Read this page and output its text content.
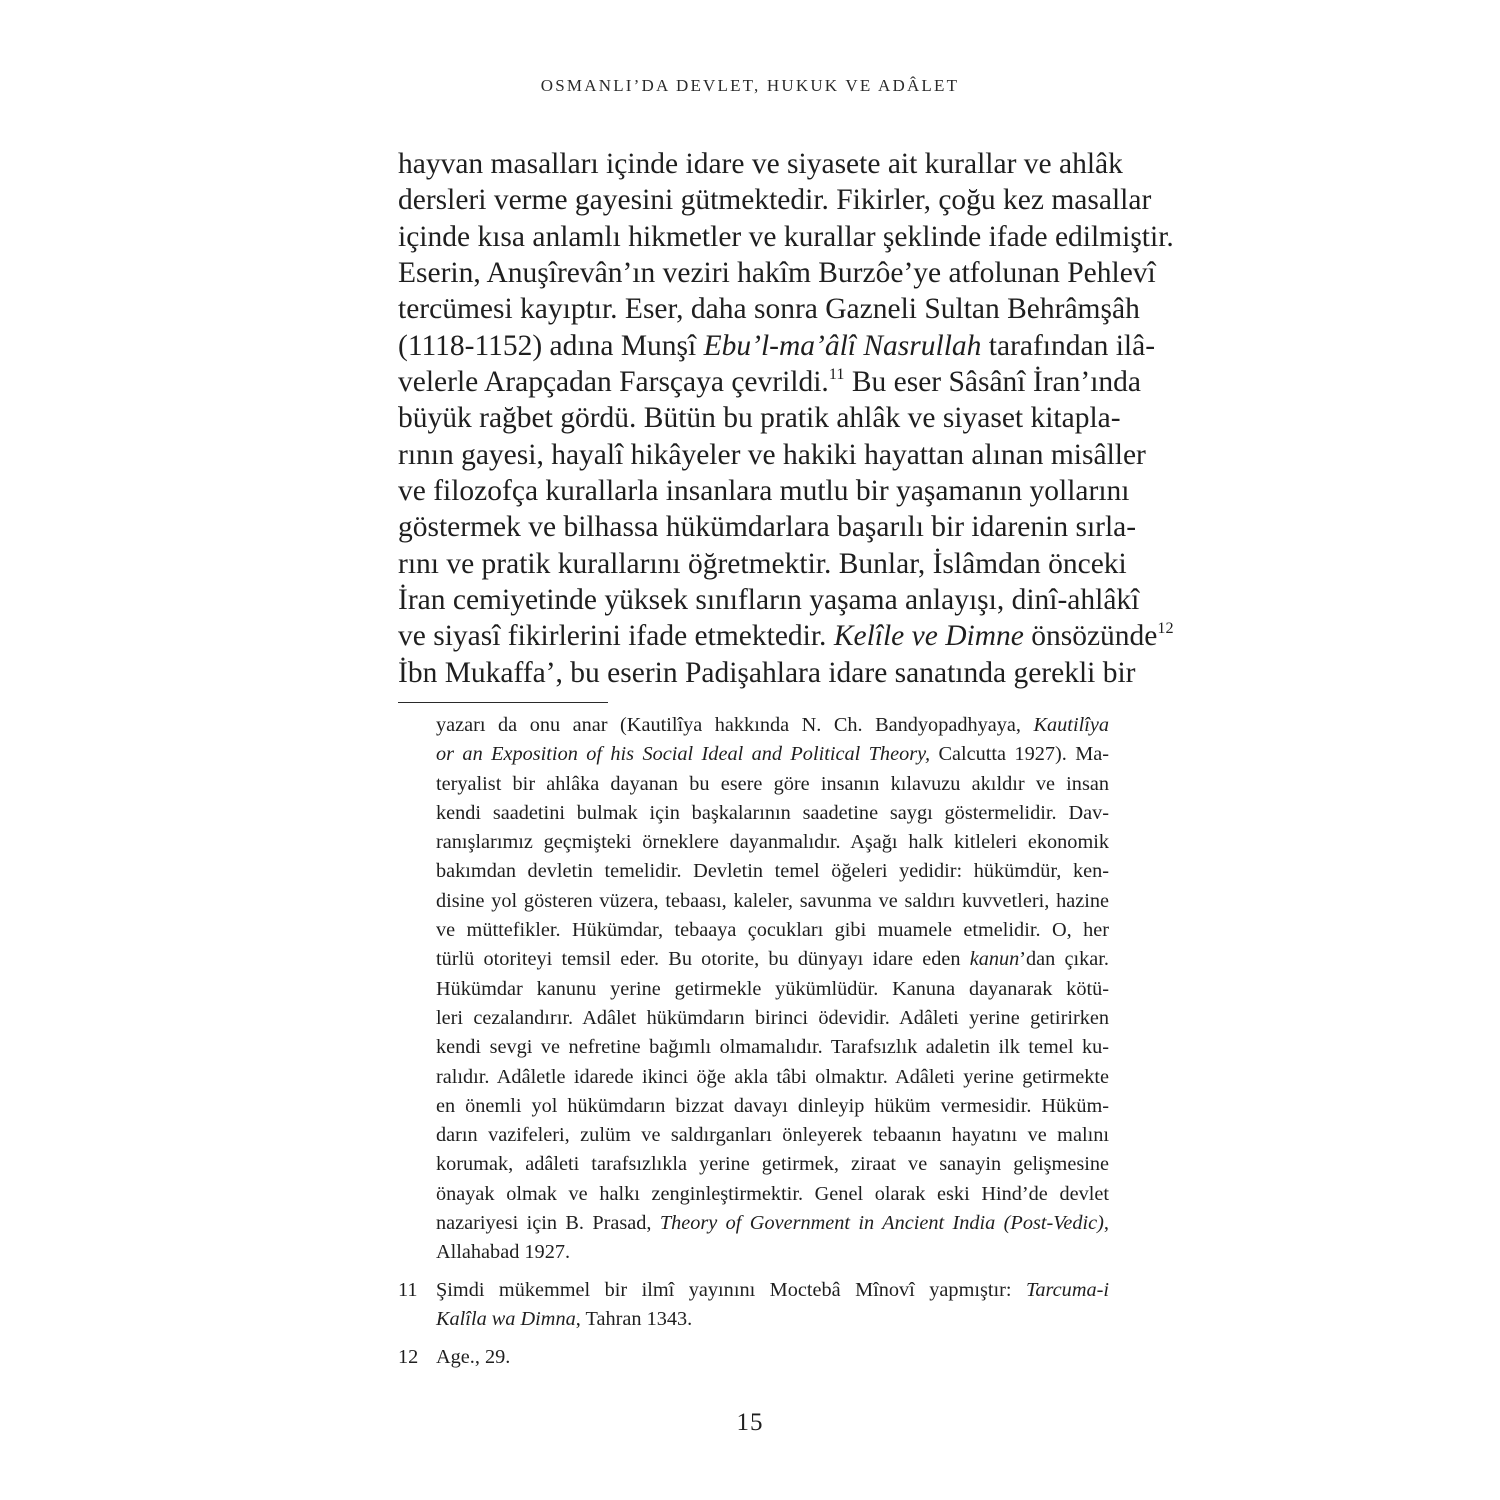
OSMANLI’DA DEVLET, HUKUK VE ADÂLET
hayvan masalları içinde idare ve siyasete ait kurallar ve ahlâk
dersleri verme gayesini gütmektedir. Fikirler, çoğu kez masallar
içinde kısa anlamlı hikmetler ve kurallar şeklinde ifade edilmiştir.
Eserin, Anuşîrevân’ın veziri hakîm Burzôe’ye atfolunan Pehlevî
tercümesi kayıptır. Eser, daha sonra Gazneli Sultan Behrâmşâh
(1118-1152) adına Munşî Ebu’l-ma’âlî Nasrullah tarafından ilâ-
velerle Arapçadan Farsçaya çevrildi.$^{11}$ Bu eser Sâsânî İran’ında
büyük rağbet gördü. Bütün bu pratik ahlâk ve siyaset kitapla-
rının gayesi, hayalî hikâyeler ve hakiki hayattan alınan misâller
ve filozofça kurallarla insanlara mutlu bir yaşamanın yollarını
göstermek ve bilhassa hükümdarlara başarılı bir idarenin sırla-
rını ve pratik kurallarını öğretmektir. Bunlar, İslâmdan önceki
İran cemiyetinde yüksek sınıfların yaşama anlayışı, dinî-ahlâkî
ve siyasî fikirlerini ifade etmektedir. Kelîle ve Dimne önsözünde$^{12}$
İbn Mukaffa’, bu eserin Padişahlara idare sanatında gerekli bir
yazarı da onu anar (Kautilîya hakkında N. Ch. Bandyopadhyaya, Kautilîya
or an Exposition of his Social Ideal and Political Theory, Calcutta 1927). Ma-
teryalist bir ahlâka dayanan bu esere göre insanın kılavuzu akıldır ve insan
kendi saadetini bulmak için başkalarının saadetine saygı göstermelidir. Dav-
ranışlarımız geçmişteki örneklere dayanmalıdır. Aşağı halk kitleleri ekonomik
bakımdan devletin temelidir. Devletin temel öğeleri yedidir: hükümdür, ken-
disine yol gösteren vüzera, tebaası, kaleler, savunma ve saldırı kuvvetleri, hazine
ve müttefikler. Hükümdar, tebaaya çocukları gibi muamele etmelidir. O, her
türlü otoriteyi temsil eder. Bu otorite, bu dünyayı idare eden kanun’dan çıkar.
Hükümdar kanunu yerine getirmekle yükümlüdür. Kanuna dayanarak kötü-
leri cezalandırır. Adâlet hükümdarın birinci ödevidir. Adâleti yerine getirirken
kendi sevgi ve nefretine bağımlı olmamalıdır. Tarafsızlık adaletin ilk temel ku-
ralıdır. Adâletle idarede ikinci öğe akla tâbi olmaktır. Adâleti yerine getirmekte
en önemli yol hükümdarın bizzat davayı dinleyip hüküm vermesidir. Hüküm-
darın vazifeleri, zulüm ve saldırganları önleyerek tebaanın hayatını ve malını
korumak, adâleti tarafsızlıkla yerine getirmek, ziraat ve sanayin gelişmesine
önayak olmak ve halkı zenginleştirmektir. Genel olarak eski Hind’de devlet
nazariyesi için B. Prasad, Theory of Government in Ancient India (Post-Vedic),
Allahabad 1927.
11 Şimdi mükemmel bir ilmî yayınını Moctebâ Mînovî yapmıştır: Tarcuma-i
Kalîla wa Dimna, Tahran 1343.
12 Age., 29.
15
